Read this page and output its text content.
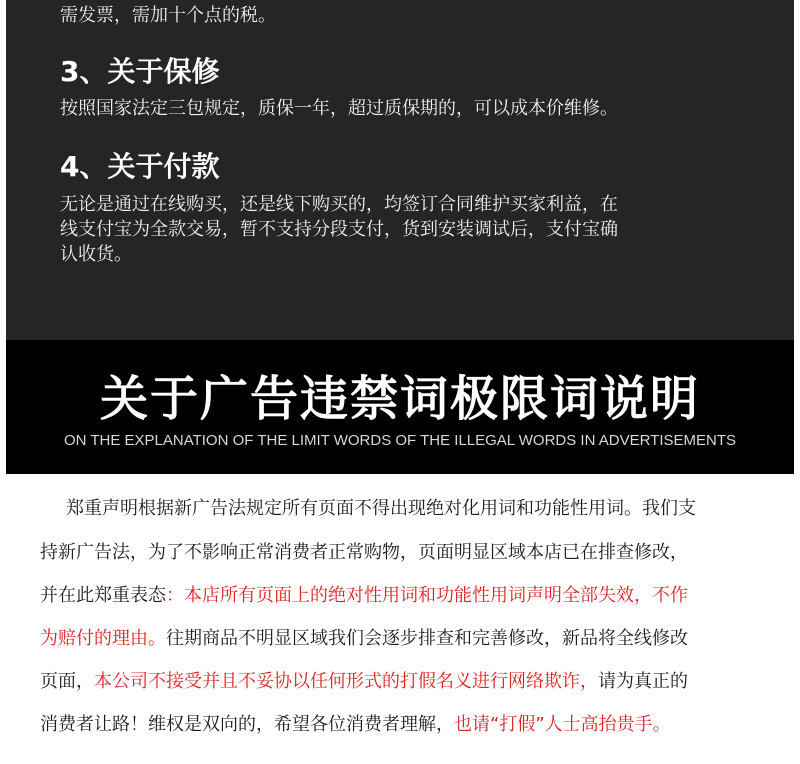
需发票，需加十个点的税。
3、关于保修
按照国家法定三包规定，质保一年，超过质保期的，可以成本价维修。
4、关于付款
无论是通过在线购买，还是线下购买的，均签订合同维护买家利益，在
线支付宝为全款交易，暂不支持分段支付，货到安装调试后，支付宝确
认收货。
关于广告违禁词极限词说明
ON THE EXPLANATION OF THE LIMIT WORDS OF THE ILLEGAL WORDS IN ADVERTISEMENTS
郑重声明根据新广告法规定所有页面不得出现绝对化用词和功能性用词。我们支
持新广告法，为了不影响正常消费者正常购物，页面明显区域本店已在排查修改，
并在此郑重表态：本店所有页面上的绝对性用词和功能性用词声明全部失效，不作
为赔付的理由。往期商品不明显区域我们会逐步排查和完善修改，新品将全线修改
页面，本公司不接受并且不妥协以任何形式的打假名义进行网络欺诈，请为真正的
消费者让路！维权是双向的，希望各位消费者理解，也请“打假”人士高抬贵手。
